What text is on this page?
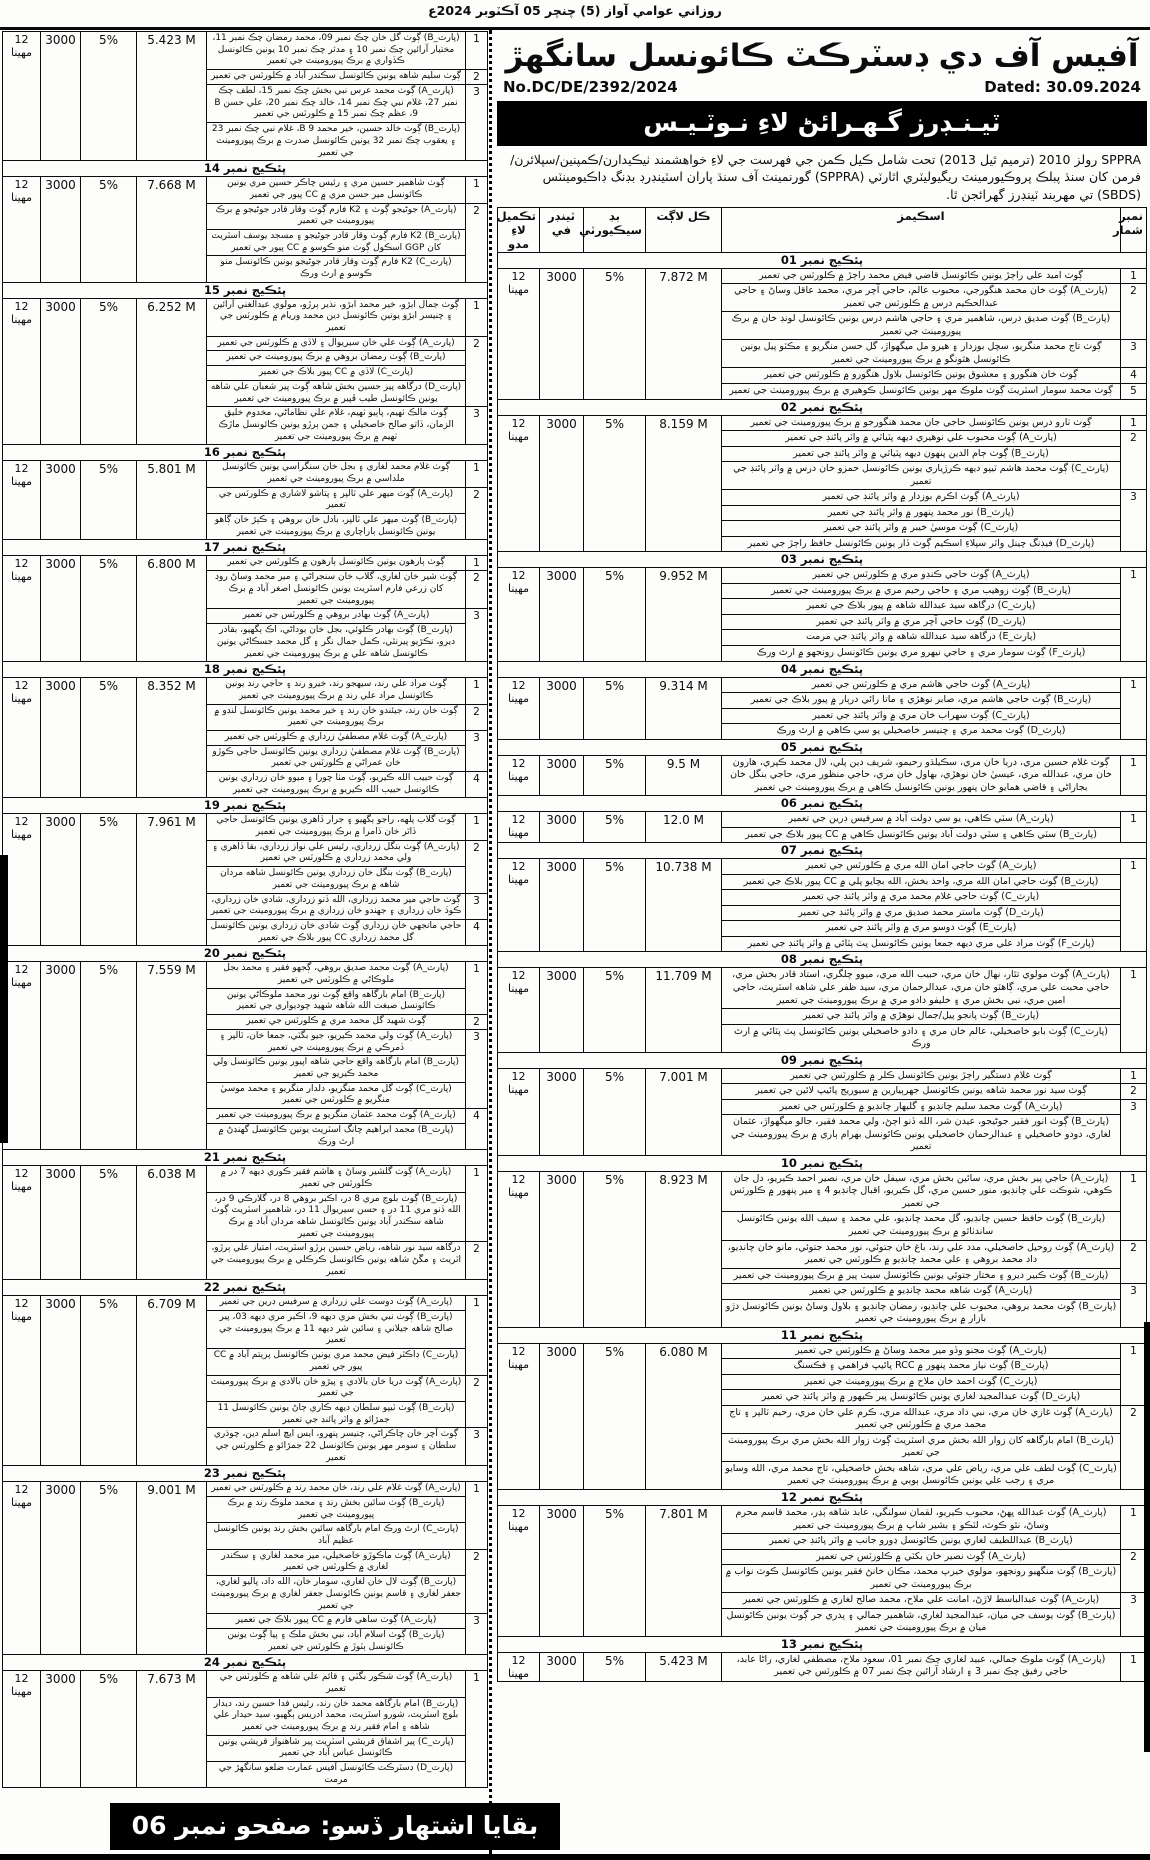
روزاني عوامي آواز (5) چنچر 05 آڪٽوبر 2024ع
1	(پارٽ_B) ڳوٺ گل خان چڪ نمبر 09، محمد رمضان چڪ نمبر 11، مختيار آرائين چڪ نمبر 10 ۽ مدثر چڪ نمبر 10 يونين ڪائونسل ڪڏواري ۾ برڪ پيورومينٽ جي تعمير	5.423 M	5%	3000	12 مهينا
2	ڳوٺ سليم شاهه يونين ڪائونسل سڪندر آباد ۾ ڪلورٽس جي تعمير				
3	(پارٽ_A) ڳوٺ محمد عرس نبي بخش چڪ نمبر 15، لطف چڪ نمبر 27، غلام نبي چڪ نمبر 14، خالد چڪ نمبر 20، علي حسن B 9، عظم چڪ نمبر 15 ۾ ڪلورٽس جي تعمير				
	(پارٽ_B) ڳوٺ خالد حسين، خير محمد B 9، غلام نبي چڪ نمبر 23 ۽ يعقوب چڪ نمبر 32 يونين ڪائونسل صدرت ۾ برڪ پيورومينٽ جي تعمير				
پئڪيج نمبر 14					
1	ڳوٺ شاهمير حسين مري ۽ رئيس چاڪر حسين مري يونين ڪائونسل مير حسن مري ۾ CC پيور جي تعمير	7.668 M	5%	3000	12 مهينا
2	(پارٽ_A) جوڻيجو ڳوٺ ۽ K2 فارم ڳوٺ وقار قادر جوڻيجو ۾ برڪ پيورومينٽ جي تعمير				
	(پارٽ_B) K2 فارم ڳوٺ وقار قادر جوڻيجو ۽ مسجد يوسف اسٽريٽ کان GGP اسڪول ڳوٺ منو ڪوسو ۾ CC پيور جي تعمير				
	(پارٽ_C) K2 فارم ڳوٺ وقار قادر جوڻيجو يونين ڪائونسل منو ڪوسو ۾ ارٿ ورڪ				
پئڪيج نمبر 15					
1	ڳوٺ جمال ابڙو، خير محمد ابڙو، نذير ٻرڙو، مولوي عبدالغني آرائين ۽ چنيسر ابڙو يونين ڪائونسل دين محمد وريام ۾ ڪلورٽس جي تعمير	6.252 M	5%	3000	12 مهينا
2	(پارٽ_A) ڳوٺ علي خان سيريوال ۽ لاڏي ۾ ڪلورٽس جي تعمير				
	(پارٽ_B) ڳوٺ رمضان بروهي ۾ برڪ پيورومينٽ جي تعمير				
	(پارٽ_C) لاڏي ۾ CC پيور بلاڪ جي تعمير				
	(پارٽ_D) درگاهه پير حسين بخش شاهه ڳوٺ پير شعبان علي شاهه يونين ڪائونسل طيب ڦپير ۾ برڪ پيورومينٽ جي تعمير				
3	ڳوٺ مالڪ ٺهيم، پاٻيو ٺهيم، غلام علي نظاماڻي، مخدوم خليق الزمان، ڏاتو صالح خاصخيلي ۽ جمن ٻرڙو يونين ڪائونسل ماڙڪ ٺهيم ۾ برڪ پيورومينٽ جي تعمير				
پئڪيج نمبر 16					
1	ڳوٺ غلام محمد لغاري ۽ بجل خان سنگراسي يونين ڪائونسل ملداسي ۾ برڪ پيورومينٽ جي تعمير	5.801 M	5%	3000	12 مهينا
2	(پارٽ_A) ڳوٺ ميهر علي ٽالپر ۽ پتاشو لاشاري ۾ ڪلورٽس جي تعمير				
	(پارٽ_B) ڳوٺ ميهر علي ٽالپر، بادل خان بروهي ۽ ڪٻڙ خان ڳاهو يونين ڪائونسل ٻاراچاري ۾ برڪ پيورومينٽ جي تعمير				
پئڪيج نمبر 17					
1	ڳوٺ ٻارهون يونين ڪائونسل ٻارهون ۾ ڪلورٽس جي تعمير	6.800 M	5%	3000	12 مهينا
2	ڳوٺ شير خان لغاري، گلاب خان سنجراڻي ۽ مير محمد وساڻ روڊ کان زرعي فارم اسٽريٽ يونين ڪائونسل اصغر آباد ۾ برڪ پيورومينٽ جي تعمير				
3	(پارٽ_A) ڳوٺ بهادر بروهي ۾ ڪلورٽس جي تعمير				
	(پارٽ_B) ڳوٺ بهادر ڪلوئي، بجل خان بوداڻي، اڪ ٻگهيو، بقادر ديرو، نڪڙيو پيرنٿي، ڪمل جمال نگر ۽ گل محمد جسڪاڻي يونين ڪائونسل شاهه علي ۾ برڪ پيورومينٽ جي تعمير				
پئڪيج نمبر 18					
1	ڳوٺ مراد علي رند، سيهجو رند، خيرو رند ۽ حاجي رند يونين ڪائونسل مراد علي رند ۾ برڪ پيورومينٽ جي تعمير	8.352 M	5%	3000	12 مهينا
2	ڳوٺ خان رند، جيئندو خان رند ۽ خير محمد يونين ڪائونسل لنڊو ۾ برڪ پيورومينٽ جي تعمير				
3	(پارٽ_A) ڳوٺ غلام مصطفيٰ زرداري ۾ ڪلورٽس جي تعمير				
	(پارٽ_B) ڳوٺ غلام مصطفيٰ زرداري يونين ڪائونسل حاجي ڪوڙو خان عمراڻي ۾ ڪلورٽس جي تعمير				
4	ڳوٺ حبيب الله ڪيريو، ڳوٺ مٺا چورا ۽ ميوو خان زرداري يونين ڪائونسل حبيب الله ڪيريو ۾ برڪ پيورومينٽ جي تعمير				
پئڪيج نمبر 19					
1	ڳوٺ گلاب پلهه، راجو ٻگهيو ۽ جرار ڏاهري يونين ڪائونسل حاجي ڏاٿر خان ڏامرا ۾ برڪ پيورومينٽ جي تعمير	7.961 M	5%	3000	12 مهينا
2	(پارٽ_A) ڳوٺ بنگل زرداري، رئيس علي نواز زرداري، بقا ڏاهري ۽ ولي محمد زرداري ۾ ڪلورٽس جي تعمير				
	(پارٽ_B) ڳوٺ بنگل خان زرداري يونين ڪائونسل شاهه مردان شاهه ۾ برڪ پيورومينٽ جي تعمير				
3	ڳوٺ حاجي مير محمد زرداري، الله ڏنو زرداري، شادي خان زرداري، ڪوڏ خان زرداري ۽ جهندو خان زرداري ۾ برڪ پيورومينٽ جي تعمير				
4	حاجي مانجهي خان زرداري ڳوٺ شادي خان زرداري يونين ڪائونسل گل محمد زرداري CC پيور بلاڪ جي تعمير				
پئڪيج نمبر 20					
1	(پارٽ_A) ڳوٺ محمد صديق بروهي، ڳجهو فقير ۽ محمد بجل ملوڪاڻي ۾ ڪلورٽس جي تعمير	7.559 M	5%	3000	12 مهينا
	(پارٽ_B) امام بارگاهه واقع ڳوٺ نور محمد ملوڪاڻي يونين ڪائونسل صبغت الله شاهه شهيد چوديواري جي تعمير				
2	ڳوٺ شهيد گل محمد مري ۾ ڪلورٽس جي تعمير				
3	(پارٽ_A) ڳوٺ ولي محمد ڪيريو، جيو بگٽي، جمعا خان، ٽالپر ۽ ڏمرڪي ۾ برڪ پيورومينٽ جي تعمير				
	(پارٽ_B) امام بارگاهه واقع حاجي شاهه اپيور يونين ڪائونسل ولي محمد ڪيريو جي تعمير				
	(پارٽ_C) ڳوٺ گل محمد منگريو، دلدار منگريو ۽ محمد موسيٰ منگريو ۾ ڪلورٽس جي تعمير				
4	(پارٽ_A) ڳوٺ محمد عثمان منگريو ۾ برڪ پيورومينٽ جي تعمير				
	(پارٽ_B) محمد ابراهيم چانگ اسٽريٽ يونين ڪائونسل گهنڊڻ ۾ ارٿ ورڪ				
پئڪيج نمبر 21					
1	(پارٽ_A) ڳوٺ گلشير وساڻ ۽ هاشم فقير ڪوري ديهه 7 در ۾ ڪلورٽس جي تعمير	6.038 M	5%	3000	12 مهينا
	(پارٽ_B) ڳوٺ بلوچ مري 8 در، اڪبر بروهي 8 در، گلارڪي 9 در، الله ڏنو مري 11 در ۽ حسن سيريوال 11 در، شاهمير اسٽريٽ ڳوٺ شاهه سڪندر آباد يونين ڪائونسل شاهه مردان آباد ۾ برڪ پيورومينٽ جي تعمير				
2	درگاهه سيد نور شاهه، رياض حسين ٻرڙو اسٽريٽ، امتياز علي ٻرڙو، اٽريٽ ۽ مڱڻ شاهه يونين ڪائونسل ڪرڪلي ۾ برڪ پيورومينٽ جي تعمير				
پئڪيج نمبر 22					
1	(پارٽ_A) ڳوٺ دوست علي زرداري ۾ سرفيس ڊرين جي تعمير	6.709 M	5%	3000	12 مهينا
	(پارٽ_B) ڳوٺ نبي بخش مري ديهه 9، اڪبر مري ديهه 03، پير صالح شاهه جيلاني ۽ سائين شر ديهه 11 ۾ برڪ پيورومينٽ جي تعمير				
	(پارٽ_C) ڊاڪٽر فيض محمد مري يونين ڪائونسل پريتم آباد ۾ CC پيور جي تعمير				
2	(پارٽ_A) ڳوٺ دريا خان بالادي ۽ پيڙو خان بالادي ۾ برڪ پيورومينٽ جي تعمير				
	(پارٽ_B) ڳوٺ ٽيپو سلطان ديهه ڪاري ڄاڻ يونين ڪائونسل 11 جمڙائو ۾ واٽر پائنڊ جي تعمير				
3	ڳوٺ آچر خان چاڪراڻي، چنيسر پنهرو، ايس ايڇ اسلم دين، چوڌري سلطان ۽ سومر مهر يونين ڪائونسل 22 جمڙائو ۾ ڪلورٽس جي تعمير				
پئڪيج نمبر 23					
1	(پارٽ_A) ڳوٺ غلام علي رند، خان محمد رند ۾ ڪلورٽس جي تعمير	9.001 M	5%	3000	12 مهينا
	(پارٽ_B) ڳوٺ سائين بخش رند ۽ محمد ملوڪ رند ۾ برڪ پيورومينٽ جي تعمير				
	(پارٽ_C) ارٿ ورڪ امام بارگاهه سائين بخش رند يونين ڪائونسل عظيم آباد				
2	(پارٽ_A) ڳوٺ ماڪوڙو خاصخيلي، مير محمد لغاري ۽ سڪندر لغاري ۾ ڪلورٽس جي تعمير				
	(پارٽ_B) ڳوٺ لال خان لغاري، سومار خان، الله داد، پاليو لغاري، جعفر لغاري ۽ قاسم يونين ڪائونسل جعفر لغاري ۾ برڪ پيورومينٽ جي تعمير				
3	(پارٽ_A) ڳوٺ ساهي فارم ۾ CC پيور بلاڪ جي تعمير				
	(پارٽ_B) ڳوٺ اسلام آباد، نبي بخش ملڪ ۽ پيا ڳوٺ يونين ڪائونسل ٻٽوڙ ۾ ڪلورٽس جي تعمير				
پئڪيج نمبر 24					
1	(پارٽ_A) ڳوٺ شڪور بگٽي ۽ قائم علي شاهه ۾ ڪلورٽس جي تعمير	7.673 M	5%	3000	12 مهينا
	(پارٽ_B) امام بارگاهه محمد خان رند، رئيس فدا حسين رند، ديدار بلوچ اسٽريٽ، شورو اسٽريٽ، محمد ادريس ٻگهيو، سيد حيدار علي شاهه ۽ امام فقير رند ۾ برڪ پيورومينٽ جي تعمير				
	(پارٽ_C) پير اشفاق قريشي اسٽريٽ پير شاهنواز قريشي يونين ڪائونسل عباس آباد جي تعمير				
	(پارٽ_D) ڊسٽرڪٽ ڪائونسل آفيس عمارت ضلعو سانگهڙ جي مرمت				
آفيس آف دي ڊسٽرڪٽ ڪائونسل سانگهڙ
No.DC/DE/2392/2024	Dated: 30.09.2024
ٽيـنـڊرز گـهـرائڻ لاءِ نـوٽـيـس
SPPRA رولز 2010 (ترميم ٿيل 2013) تحت شامل ڪيل ڪمن جي فهرست جي لاءِ خواهشمند ٺيڪيدارن/ڪمپنين/سپلائرن/فرمن کان سنڌ پبلڪ پروڪيورمينٽ ريگيوليٽري اٿارٽي (SPPRA) گورنمينٽ آف سنڌ پاران اسٽينڊرڊ بڊنگ ڊاڪيومينٽس (SBDS) تي مهربند ٽينڊرز گهرائجن ٿا.
نمبر شمار	اسڪيمز	ڪل لاڳت	بڊ سيڪيورٽي	ٽينڊر في	تڪميل لاءِ مدو
پئڪيج نمبر 01					
1	ڳوٺ اميد علي راڄڙ يونين ڪائونسل قاضي فيض محمد راڄڙ ۾ ڪلورٽس جي تعمير	7.872 M	5%	3000	12 مهينا
2	(پارٽ_A) ڳوٺ خان محمد هنگورجي، محبوب عالم، حاجي آچر مري، محمد عاقل وساڻ ۽ حاجي عبدالحڪيم درس ۾ ڪلورٽس جي تعمير				
	(پارٽ_B) ڳوٺ صديق درس، شاهمير مري ۽ حاجي هاشم درس يونين ڪائونسل لونڊ خان ۾ برڪ پيورومينٽ جي تعمير				
3	ڳوٺ تاج محمد منگريو، سچل بوزدار ۽ هيرو مل ميگهواڙ، گل حسن منگريو ۽ مڪٽو پيل يونين ڪائونسل هٿونگو ۾ برڪ پيورومينٽ جي تعمير				
4	ڳوٺ خان هنگورو ۽ معشوق يونين ڪائونسل بلاول هنگورو ۾ ڪلورٽس جي تعمير				
5	ڳوٺ محمد سومار اسٽريٽ ڳوٺ ملوڪ مهر يونين ڪائونسل ڪوهيري ۾ برڪ پيورومينٽ جي تعمير				
پئڪيج نمبر 02					
1	ڳوٺ ٺارو درس يونين ڪائونسل حاجي جان محمد هنگورجو ۾ برڪ پيورومينٽ جي تعمير	8.159 M	5%	3000	12 مهينا
2	(پارٽ_A) ڳوٺ محبوب علي نوهيري ديهه پٽياٽي ۾ واٽر پائنڊ جي تعمير				
	(پارٽ_B) ڳوٺ ڄام الدين پنهون ديهه پٽياٽي ۾ واٽر پائنڊ جي تعمير				
	(پارٽ_C) ڳوٺ محمد هاشم ٽيپو ديهه ڪرڙياري يونين ڪائونسل حمزو خان درس ۾ واٽر پائنڊ جي تعمير				
3	(پارٽ_A) ڳوٺ اڪرم بوزدار ۾ واٽر پائنڊ جي تعمير				
	(پارٽ_B) نور محمد پنهور ۾ واٽر پائنڊ جي تعمير				
	(پارٽ_C) ڳوٺ موسيٰ خيبر ۾ واٽر پائنڊ جي تعمير				
	(پارٽ_D) فيڊنگ چينل واٽر سپلاءِ اسڪيم ڳوٺ ڏار يونين ڪائونسل حافظ راڄڙ جي تعمير				
پئڪيج نمبر 03					
1	(پارٽ_A) ڳوٺ حاجي ڪنڊو مري ۾ ڪلورٽس جي تعمير	9.952 M	5%	3000	12 مهينا
	(پارٽ_B) ڳوٺ زوهيب مري ۽ حاجي رحيم مري ۾ برڪ پيورومينٽ جي تعمير				
	(پارٽ_C) درگاهه سيد عبدالله شاهه ۾ پيور بلاڪ جي تعمير				
	(پارٽ_D) ڳوٺ حاجي آچر مري ۾ واٽر پائنڊ جي تعمير				
	(پارٽ_E) درگاهه سيد عبدالله شاهه ۾ واٽر پائنڊ جي مرمت				
	(پارٽ_F) ڳوٺ سومار مري ۽ حاجي نيهرو مري يونين ڪائونسل رونجهو ۾ ارٿ ورڪ				
پئڪيج نمبر 04					
1	(پارٽ_A) ڳوٺ حاجي هاشم مري ۾ ڪلورٽس جي تعمير	9.314 M	5%	3000	12 مهينا
	(پارٽ_B) ڳوٺ حاجي هاشم مري، صابر نوهڙي ۽ ماتا رائي درٻار ۾ پيور بلاڪ جي تعمير				
	(پارٽ_C) ڳوٺ سهراب خان مري ۾ واٽر پائنڊ جي تعمير				
	(پارٽ_D) ڳوٺ محمد مري ۽ چنيسر خاصخيلي يو سي ڪاهي ۾ ارٿ ورڪ				
پئڪيج نمبر 05					
1	ڳوٺ غلام حسين مري، دريا خان مري، سڪيلڌو رحيمو، شريف دين پلي، لال محمد ڪپري، هارون خان مري، عبدالله مري، عيسيٰ خان نوهڙي، بهاول خان مري، حاجي منظور مري، حاجي بنگل خان بجاراڻي ۽ قاضي همايو خان پنهور يونين ڪائونسل ڪاهي ۾ برڪ پيورومينٽ جي تعمير	9.5 M	5%	3000	12 مهينا
پئڪيج نمبر 06					
1	(پارٽ_A) سٽي ڪاهي، يو سي دولت آباد ۾ سرفيس ڊرين جي تعمير	12.0 M	5%	3000	12 مهينا
	(پارٽ_B) سٽي ڪاهي ۽ سٽي دولت آباد يونين ڪائونسل ڪاهي ۾ CC پيور بلاڪ جي تعمير				
پئڪيج نمبر 07					
1	(پارٽ_A) ڳوٺ حاجي امان الله مري ۾ ڪلورٽس جي تعمير	10.738 M	5%	3000	12 مهينا
	(پارٽ_B) ڳوٺ حاجي امان الله مري، واحد بخش، الله بچايو پلي ۾ CC پيور بلاڪ جي تعمير				
	(پارٽ_C) ڳوٺ حاجي غلام محمد مري ۾ واٽر پائنڊ جي تعمير				
	(پارٽ_D) ڳوٺ ماستر محمد صديق مري ۾ واٽر پائنڊ جي تعمير				
	(پارٽ_E) ڳوٺ دوسو مري ۾ واٽر پائنڊ جي تعمير				
	(پارٽ_F) ڳوٺ مراد علي مري ديهه جمعا يونين ڪائونسل پٽ پٽائي ۾ واٽر پائنڊ جي تعمير				
پئڪيج نمبر 08					
1	(پارٽ_A) ڳوٺ مولوي تٿار، نهال خان مري، حبيب الله مري، ميوو چلگري، استاد قادر بخش مري، حاجي محبت علي مري، ڳاهٽو خان مري، عبدالرحمان مري، سيد ظفر علي شاهه اسٽريٽ، حاجي امين مري، نبي بخش مري ۽ خليفو دادو مري ۾ برڪ پيورومينٽ جي تعمير	11.709 M	5%	3000	12 مهينا
	(پارٽ_B) ڳوٺ پانجو پيل/جمال نوهڙي ۾ واٽر پائنڊ جي تعمير				
	(پارٽ_C) ڳوٺ بابو خاصخيلي، عالم خان مري ۽ دادو خاصخيلي يونين ڪائونسل پٽ پٽائي ۾ ارٿ ورڪ				
پئڪيج نمبر 09					
1	ڳوٺ غلام دستگير راڄڙ يونين ڪائونسل ڪلر ۾ ڪلورٽس جي تعمير	7.001 M	5%	3000	12 مهينا
2	ڳوٺ سيد نور محمد شاهه يونين ڪائونسل جهرٻيارين ۾ سيوريج پائيپ لائين جي تعمير				
3	(پارٽ_A) ڳوٺ محمد سليم چانڊيو ۽ گليهار چانڊيو ۾ ڪلورٽس جي تعمير				
	(پارٽ_B) ڳوٺ انور فقير جوڻيجو، عيدن شر، الله ڏنو اڄڻ، ولي محمد فقير، جالو ميگهواڙ، عثمان لغاري، دودو خاصخيلي ۽ عبدالرحمان خاصخيلي يونين ڪائونسل بهرام ٻاري ۾ برڪ پيورومينٽ جي تعمير				
پئڪيج نمبر 10					
1	(پارٽ_A) حاجي پير بخش مري، سائين بخش مري، سيفل خان مري، نصير احمد ڪيريو، دل جان ڪوهي، شوڪت علي چانڊيو، منور حسين مري، گل ڪيريو، اقبال چانڊيو 4 ۽ مير پنهور ۾ ڪلورٽس جي تعمير	8.923 M	5%	3000	12 مهينا
	(پارٽ_B) ڳوٺ حافظ حسين چانڊيو، گل محمد چانڊيو، علي محمد ۽ سيف الله يونين ڪائونسل ساندٺاٿو ۾ برڪ پيورومينٽ جي تعمير				
2	(پارٽ_A) ڳوٺ روحيل خاصخيلي، مدد علي رند، باغ خان جتوئي، نور محمد جتوئي، مانو خان چانڊيو، داد محمد بروهي ۽ علي محمد چانڊيو ۾ ڪلورٽس جي تعمير				
	(پارٽ_B) ڳوٺ ڪبير ديرو ۽ مختار جتوئي يونين ڪائونسل سيٺ پير ۾ برڪ پيورومينٽ جي تعمير				
3	(پارٽ_A) ڳوٺ شاهه محمد چانڊيو ۾ ڪلورٽس جي تعمير				
	(پارٽ_B) ڳوٺ محمد بروهي، محبوب علي چانڊيو، رمضان چانڊيو ۽ بلاول وساڻ يونين ڪائونسل دڙو بازار ۾ برڪ پيورومينٽ جي تعمير				
پئڪيج نمبر 11					
1	(پارٽ_A) ڳوٺ مجنو وڏو مير محمد وساڻ ۾ ڪلورٽس جي تعمير	6.080 M	5%	3000	12 مهينا
	(پارٽ_B) ڳوٺ نياز محمد پنهور ۾ RCC پائيپ فراهمي ۽ فڪسنگ				
	(پارٽ_C) ڳوٺ احمد خان ملاح ۾ برڪ پيورومينٽ جي تعمير				
	(پارٽ_D) ڳوٺ عبدالمجيد لغاري يونين ڪائونسل پير ڪيهور ۾ واٽر پائنڊ جي تعمير				
2	(پارٽ_A) ڳوٺ غازي خان مري، نبي داد مري، عبدالله مري، ڪرم علي خان مري، رحيم ٽالپر ۽ تاج محمد مري ۾ ڪلورٽس جي تعمير				
	(پارٽ_B) امام بارگاهه کان زوار الله بخش مري اسٽريٽ ڳوٺ زوار الله بخش مري برڪ پيورومينٽ جي تعمير				
	(پارٽ_C) ڳوٺ لطف علي مري، رياض علي مري، شاهه بخش خاصخيلي، تاج محمد مري، الله وسايو مري ۽ رجب علي يونين ڪائونسل ٻوٻي ۾ برڪ پيورومينٽ جي تعمير				
پئڪيج نمبر 12					
1	(پارٽ_A) ڳوٺ عبدالله ڀهڻ، محبوب ڪيريو، لقمان سولنگي، عابد شاهه ٻڍر، محمد قاسم محرم وساڻ، نٿو ڪوٽ، لٽڪو ۽ بشير شاپ ۾ برڪ پيورومينٽ جي تعمير	7.801 M	5%	3000	12 مهينا
	(پارٽ_B) عبداللطيف لغاري يونين ڪائونسل ڍورو جانب ۾ واٽر پائنڊ جي تعمير				
2	(پارٽ_A) ڳوٺ نصير خان بکٽي ۾ ڪلورٽس جي تعمير				
	(پارٽ_B) ڳوٺ منگهيو رونجهو، مولوي خيرپ محمد، مڪان خانڻ فقير يونين ڪائونسل ڪوٽ نواب ۾ برڪ پيورومينٽ جي تعمير				
3	(پارٽ_A) ڳوٺ عبدالباسط لاڙڻ، امانت علي ملاح، محمد صالح لغاري ۾ ڪلورٽس جي تعمير				
	(پارٽ_B) ڳوٺ يوسف جي ميان، عبدالمجيد لغاري، شاهمير جمالي ۽ پدري جر ڳوٺ يونين ڪائونسل ميان ۾ برڪ پيورومينٽ جي تعمير				
پئڪيج نمبر 13					
1	(پارٽ_A) ڳوٺ ملوڪ جمالي، عبيد لغاري چڪ نمبر 01، سعود ملاح، مصطفي لغاري، راڻا عابد، حاجي رفيق چڪ نمبر 3 ۽ ارشاد آرائين چڪ نمبر 07 ۾ ڪلورٽس جي تعمير	5.423 M	5%	3000	12 مهينا
بقايا اشتهار ڏسو: صفحو نمبر 06
